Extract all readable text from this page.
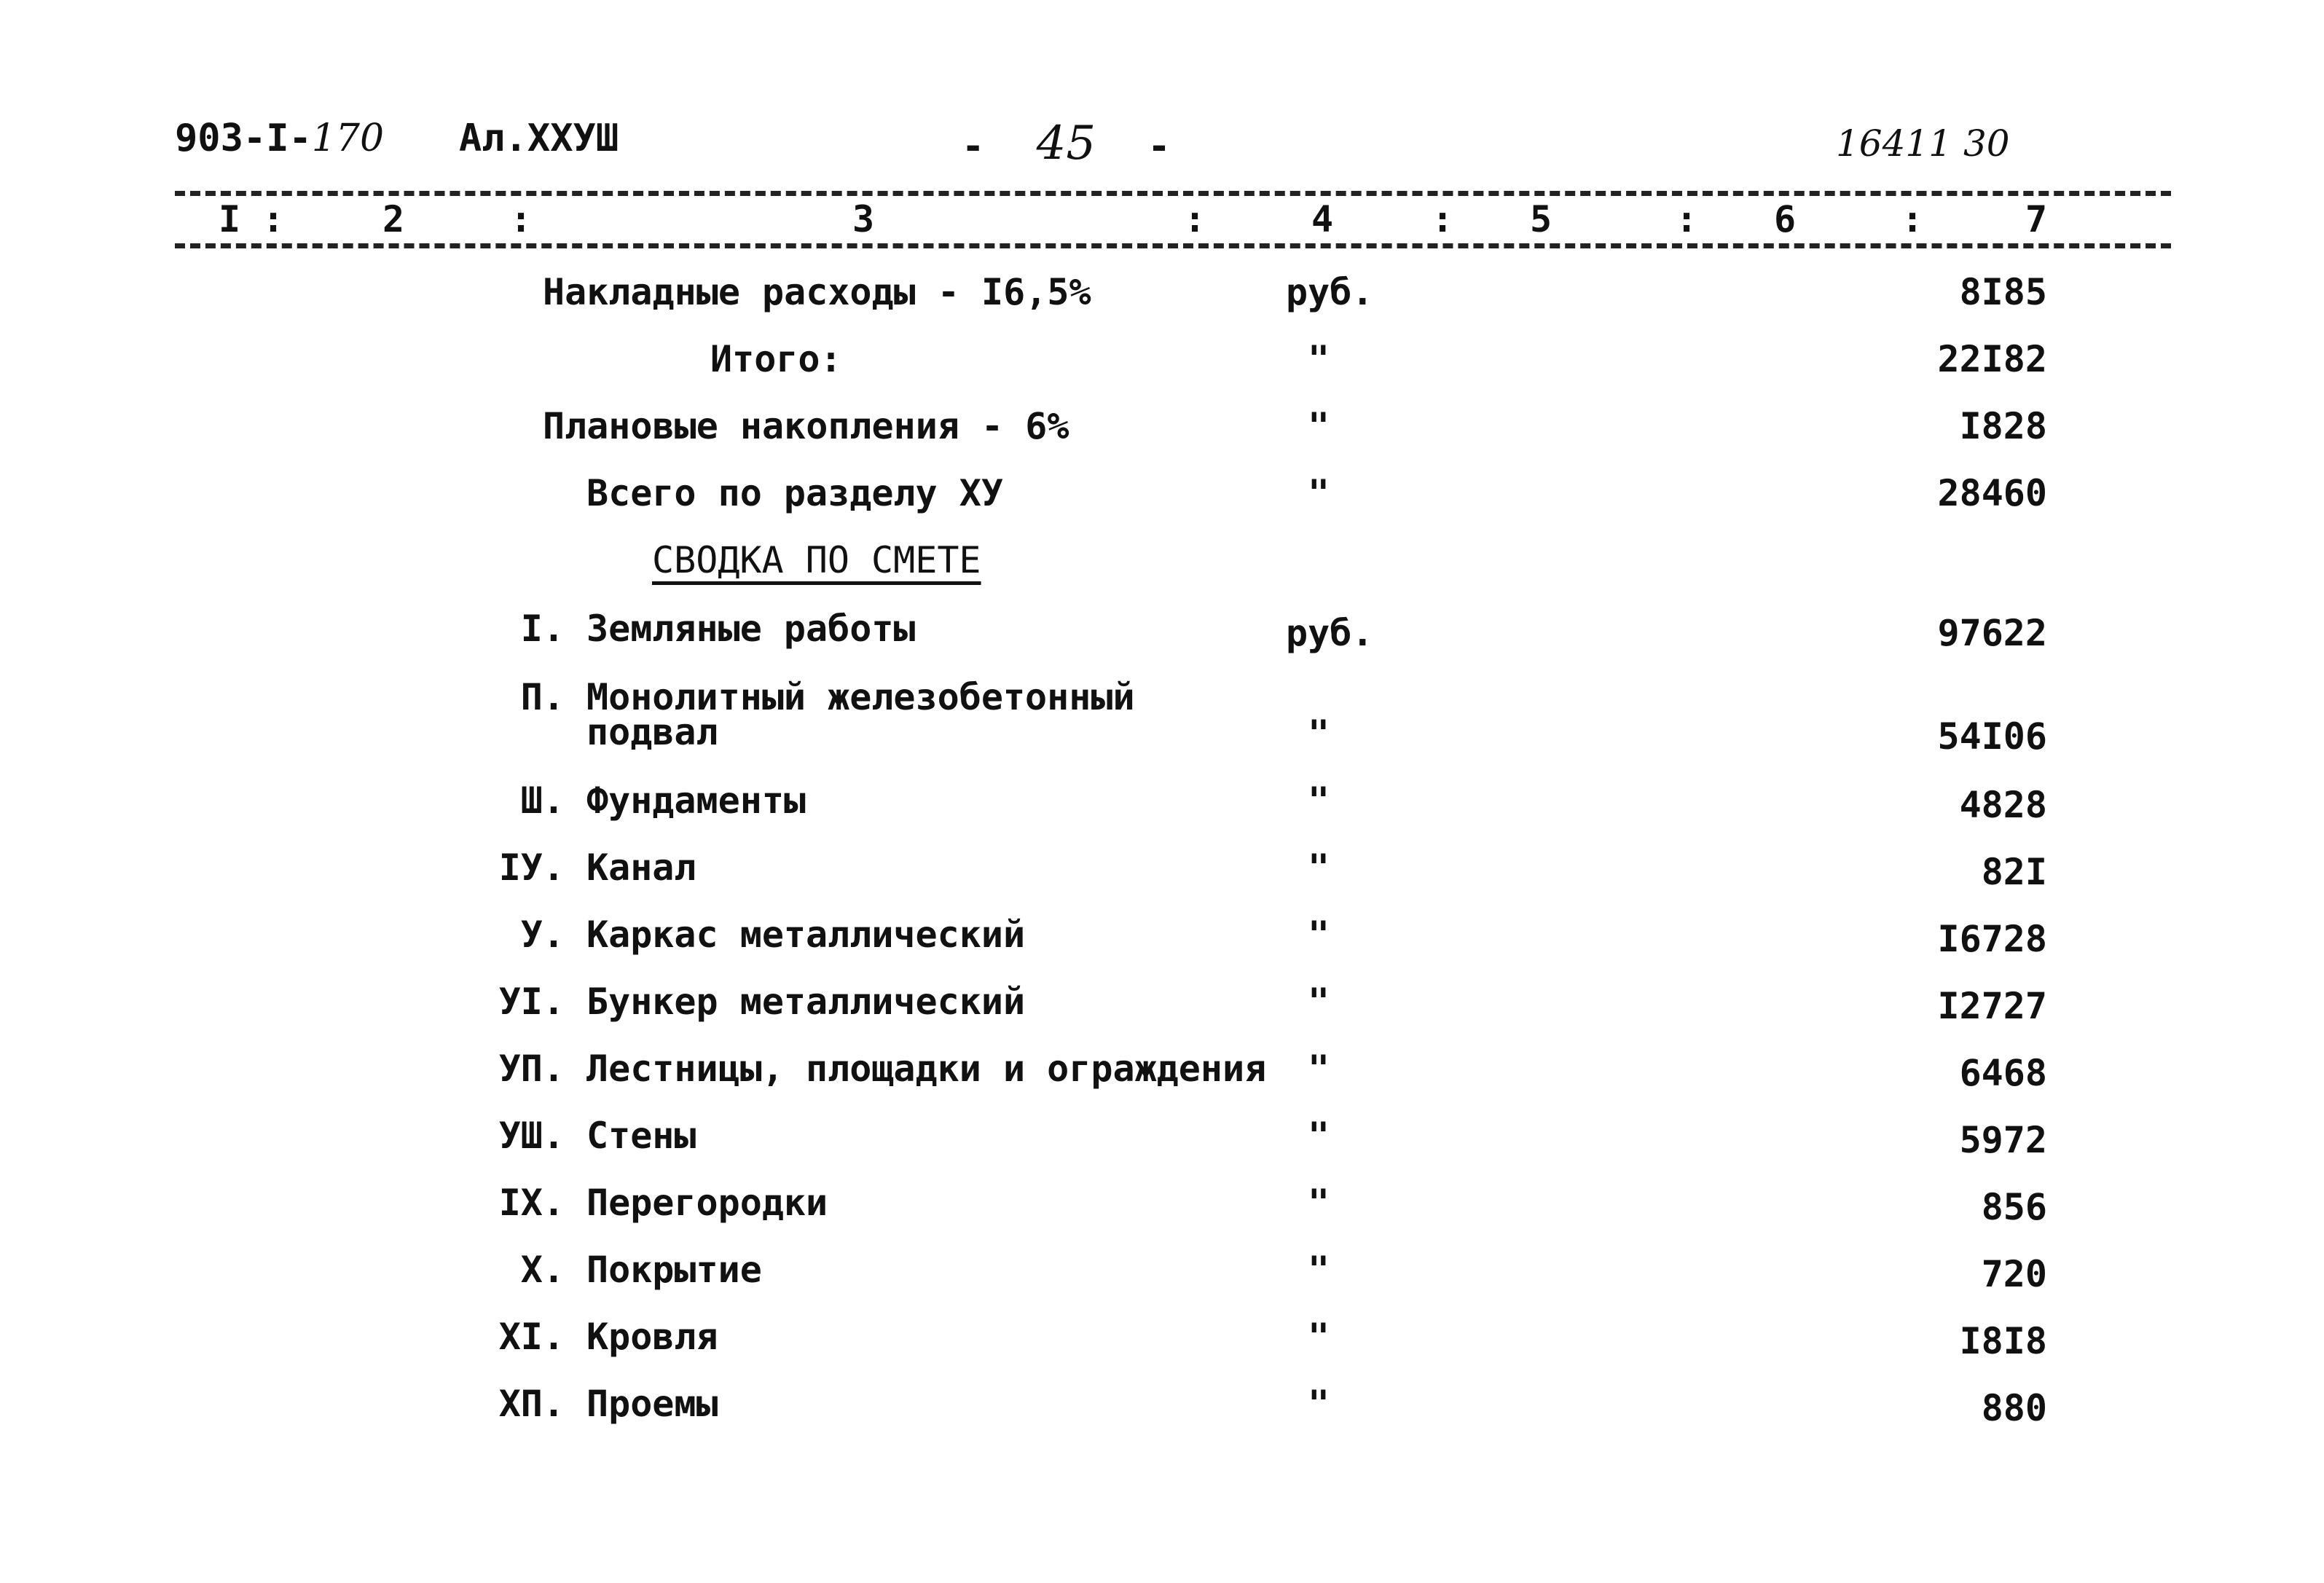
903-I-170 Ал.XXУШ	- 45 -	16411 30
I :	2	:	3	:	4	: 5	: 6	:	7
Накладные расходы - I6,5%	руб.	8I85
Итого:	"	22I82
Плановые накопления - 6%	"	I828
Всего по разделу XУ	"	28460
СВОДКА ПО СМЕТЕ
I. Земляные работы	руб.	97622
П. Монолитный железобетонный
подвал	"	54I06
Ш. Фундаменты	"	4828
IУ. Канал	"	82I
У. Каркас металлический	"	I6728
УI. Бункер металлический	"	I2727
УП. Лестницы, площадки и ограждения "	6468
УШ. Стены	"	5972
IX. Перегородки	"	856
X. Покрытие	"	720
XI. Кровля	"	I8I8
XП. Проемы	"	880
